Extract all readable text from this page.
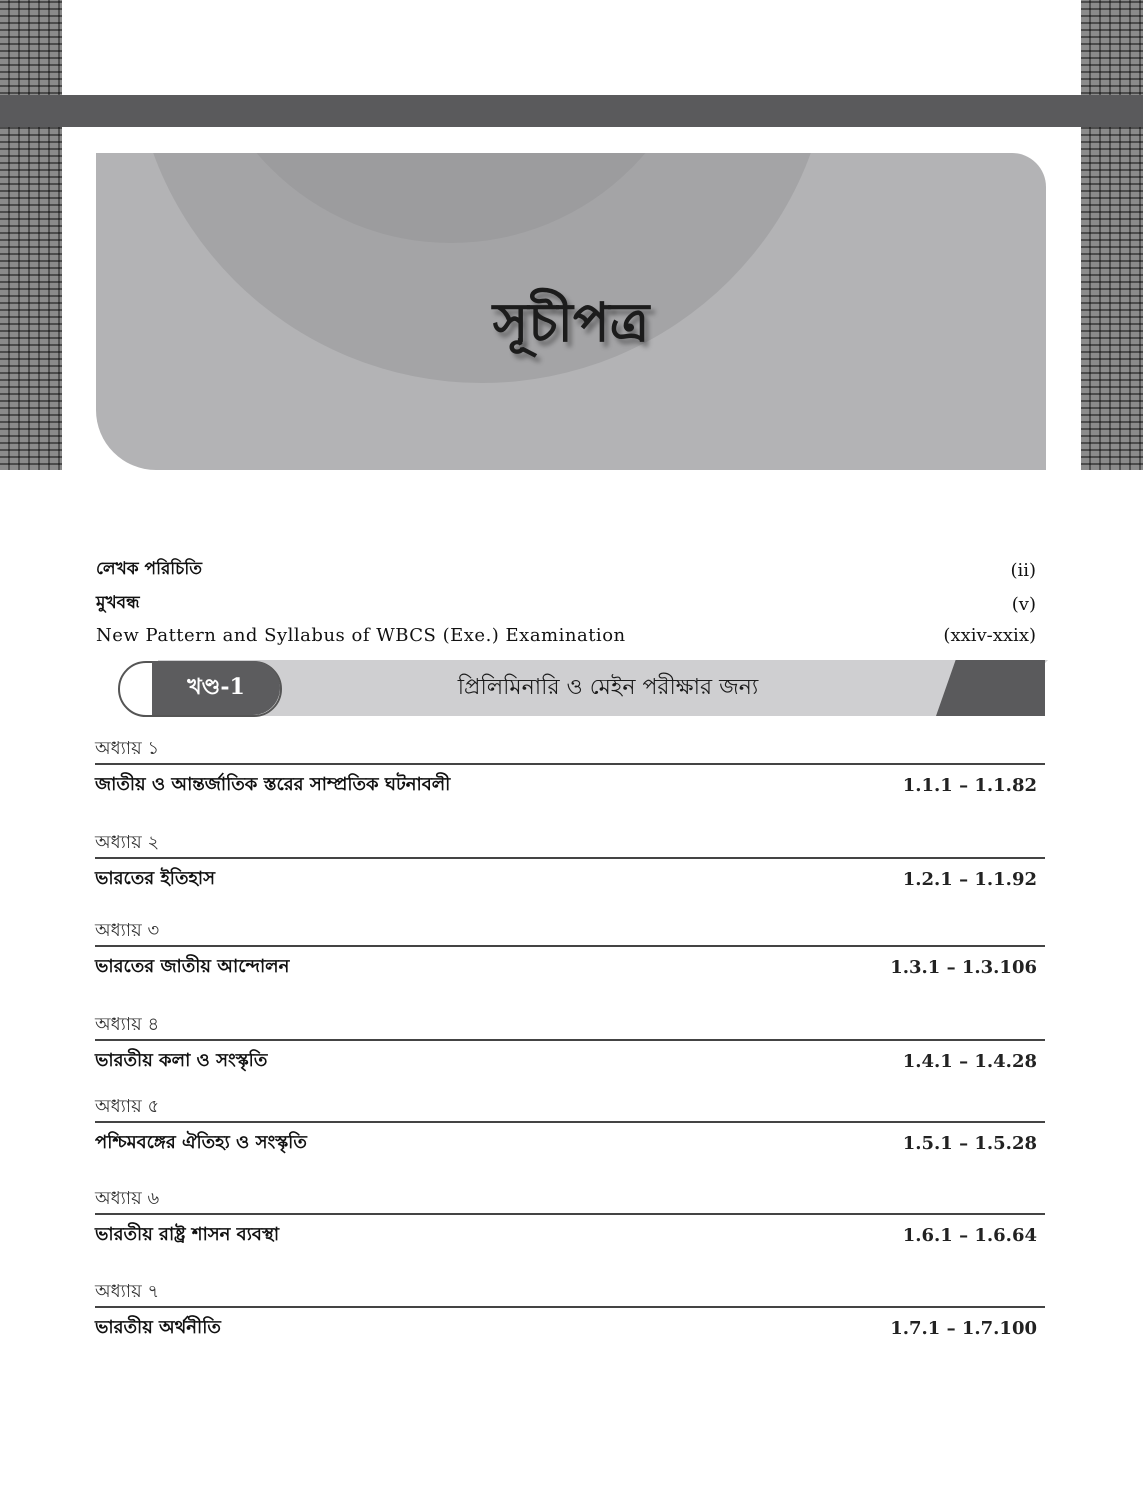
সূচীপত্র
লেখক পরিচিতি	(ii)
মুখবন্ধ	(v)
New Pattern and Syllabus of WBCS (Exe.) Examination	(xxiv-xxix)
খণ্ড-1	প্রিলিমিনারি ও মেইন পরীক্ষার জন্য
অধ্যায় ১
জাতীয় ও আন্তর্জাতিক স্তরের সাম্প্রতিক ঘটনাবলী	1.1.1 – 1.1.82
অধ্যায় ২
ভারতের ইতিহাস	1.2.1 – 1.1.92
অধ্যায় ৩
ভারতের জাতীয় আন্দোলন	1.3.1 – 1.3.106
অধ্যায় ৪
ভারতীয় কলা ও সংস্কৃতি	1.4.1 – 1.4.28
অধ্যায় ৫
পশ্চিমবঙ্গের ঐতিহ্য ও সংস্কৃতি	1.5.1 – 1.5.28
অধ্যায় ৬
ভারতীয় রাষ্ট্র শাসন ব্যবস্থা	1.6.1 – 1.6.64
অধ্যায় ৭
ভারতীয় অর্থনীতি	1.7.1 – 1.7.100
